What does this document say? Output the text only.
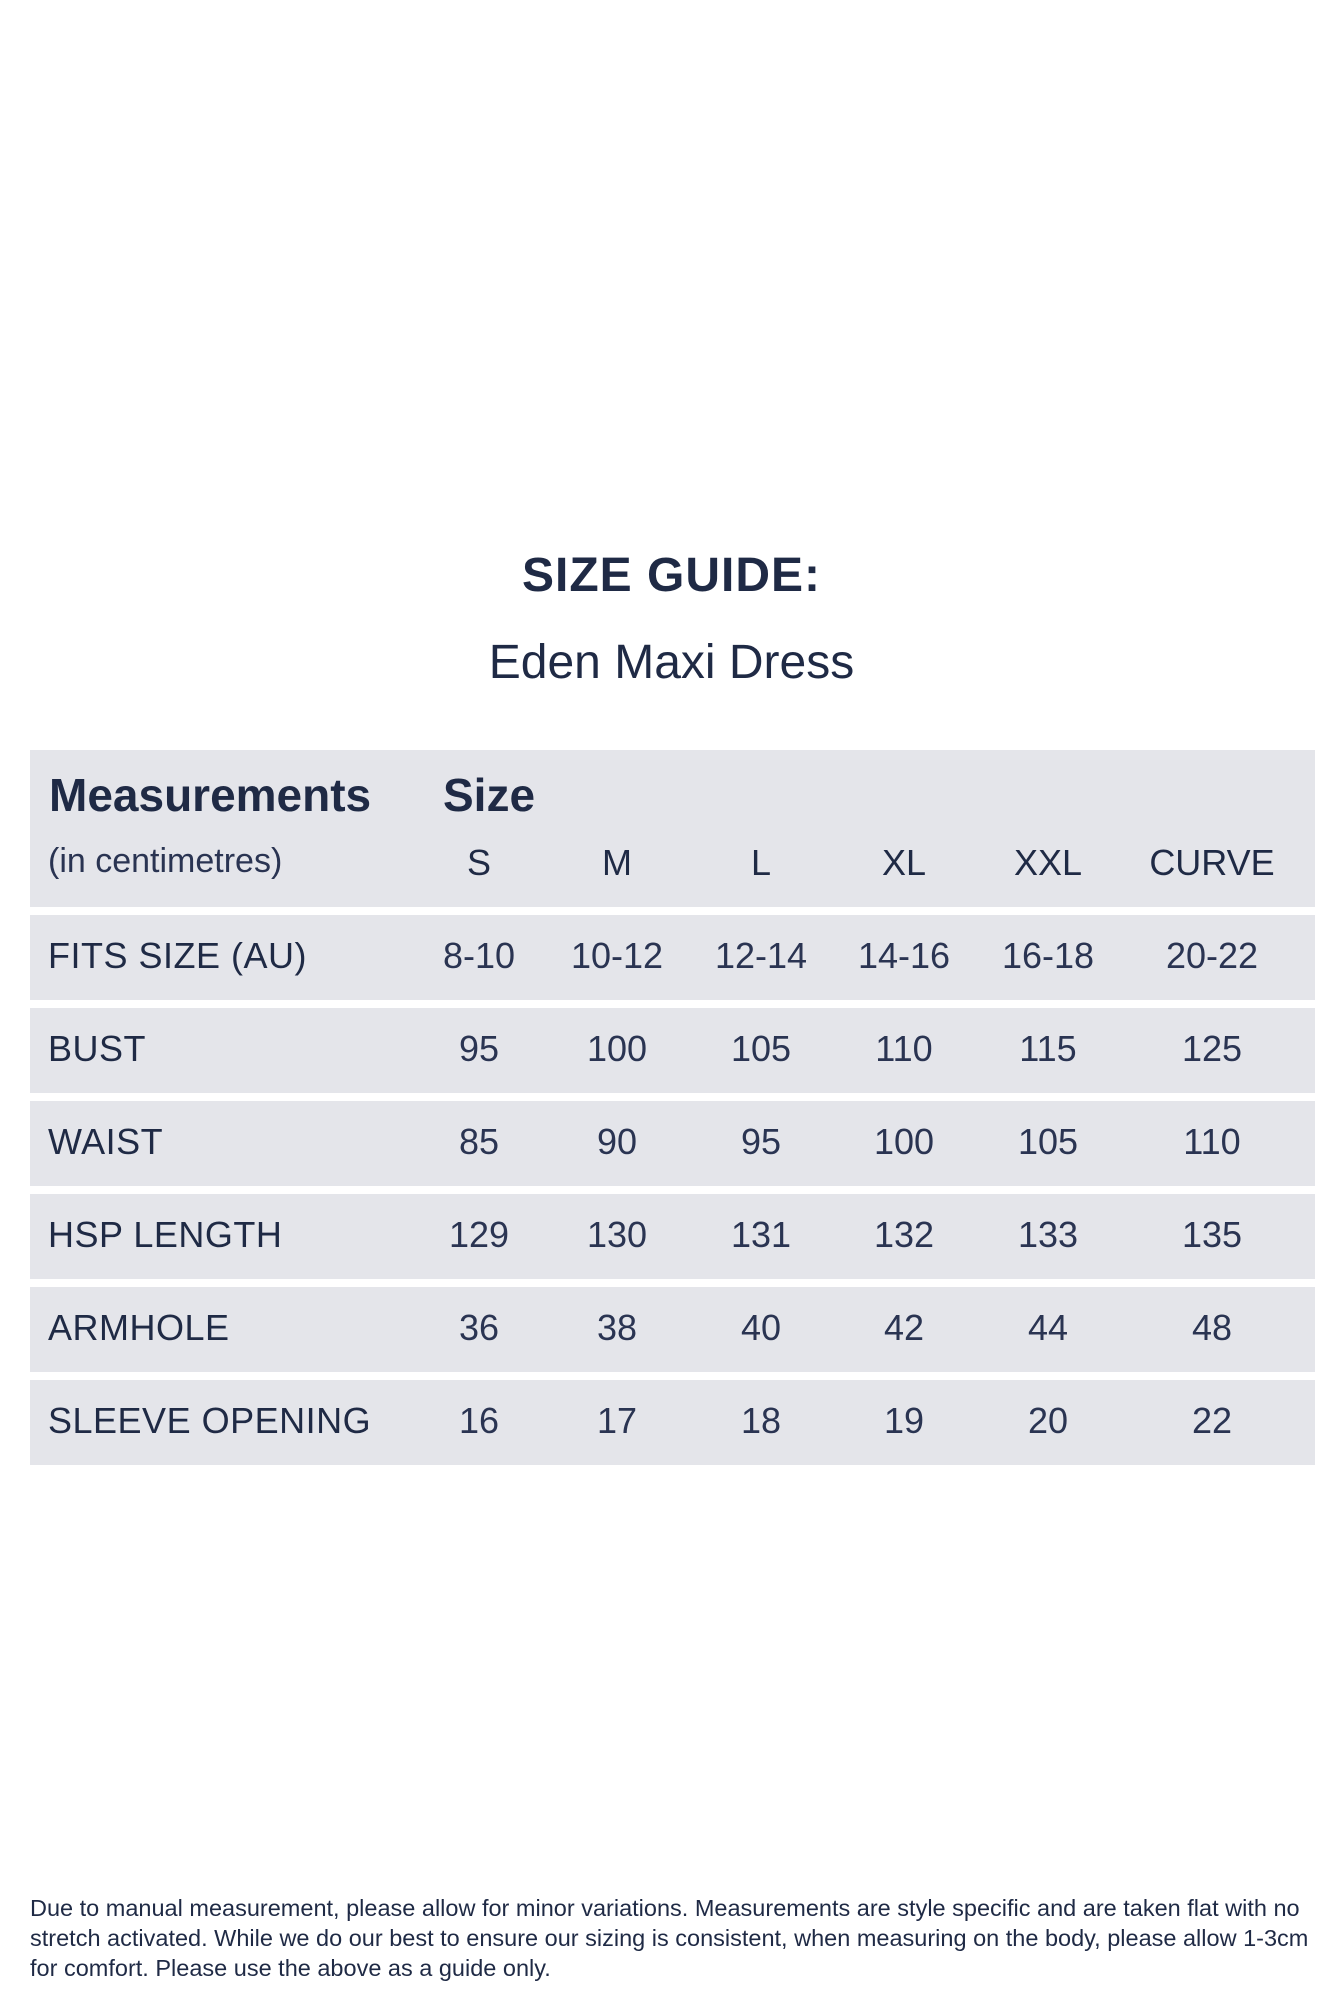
SIZE GUIDE:
Eden Maxi Dress
Measurements
(in centimetres)
Size
S	M	L	XL	XXL	CURVE
FITS SIZE (AU)	8-10	10-12	12-14	14-16	16-18	20-22
BUST	95	100	105	110	115	125
WAIST	85	90	95	100	105	110
HSP LENGTH	129	130	131	132	133	135
ARMHOLE	36	38	40	42	44	48
SLEEVE OPENING	16	17	18	19	20	22
Due to manual measurement, please allow for minor variations. Measurements are style specific and are taken flat with no stretch activated. While we do our best to ensure our sizing is consistent, when measuring on the body, please allow 1-3cm for comfort. Please use the above as a guide only.
